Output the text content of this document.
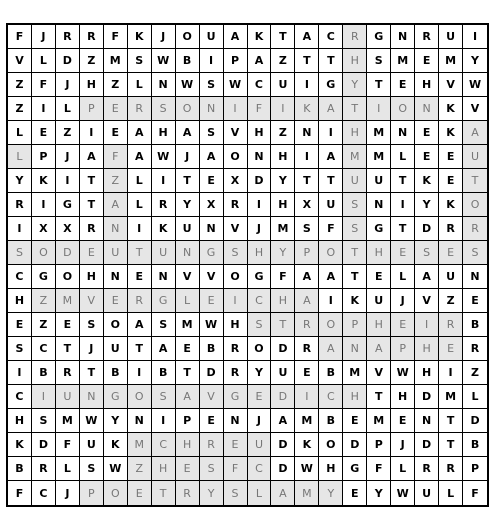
F	J	R	R	F	K	J	O	U	A	K	T	A	C	R	G	N	R	U	I
V	L	D	Z	M	S	W	B	I	P	A	Z	T	T	H	S	M	E	M	Y
Z	F	J	H	Z	L	N	W	S	W	C	U	I	G	Y	T	E	H	V	W
Z	I	L	P	E	R	S	O	N	I	F	I	K	A	T	I	O	N	K	V
L	E	Z	I	E	A	H	A	S	V	H	Z	N	I	H	M	N	E	K	A
L	P	J	A	F	A	W	J	A	O	N	H	I	A	M	M	L	E	E	U
Y	K	I	T	Z	L	I	T	E	X	D	Y	T	T	U	U	T	K	E	T
R	I	G	T	A	L	R	Y	X	R	I	H	X	U	S	N	I	Y	K	O
I	X	X	R	N	I	K	U	N	V	J	M	S	F	S	G	T	D	R	R
S	O	D	E	U	T	U	N	G	S	H	Y	P	O	T	H	E	S	E	S
C	G	O	H	N	E	N	V	V	O	G	F	A	A	T	E	L	A	U	N
H	Z	M	V	E	R	G	L	E	I	C	H	A	I	K	U	J	V	Z	E
E	Z	E	S	O	A	S	M	W	H	S	T	R	O	P	H	E	I	R	B
S	C	T	J	U	T	A	E	B	R	O	D	R	A	N	A	P	H	E	R
I	B	R	T	B	I	B	T	D	R	Y	U	E	B	M	V	W	H	I	Z
C	I	U	N	G	O	S	A	V	G	E	D	I	C	H	T	H	D	M	L
H	S	M	W	Y	N	I	P	E	N	J	A	M	B	E	M	E	N	T	D
K	D	F	U	K	M	C	H	R	E	U	D	K	O	D	P	J	D	T	B
B	R	L	S	W	Z	H	E	S	F	C	D	W	H	G	F	L	R	R	P
F	C	J	P	O	E	T	R	Y	S	L	A	M	Y	E	Y	W	U	L	F
